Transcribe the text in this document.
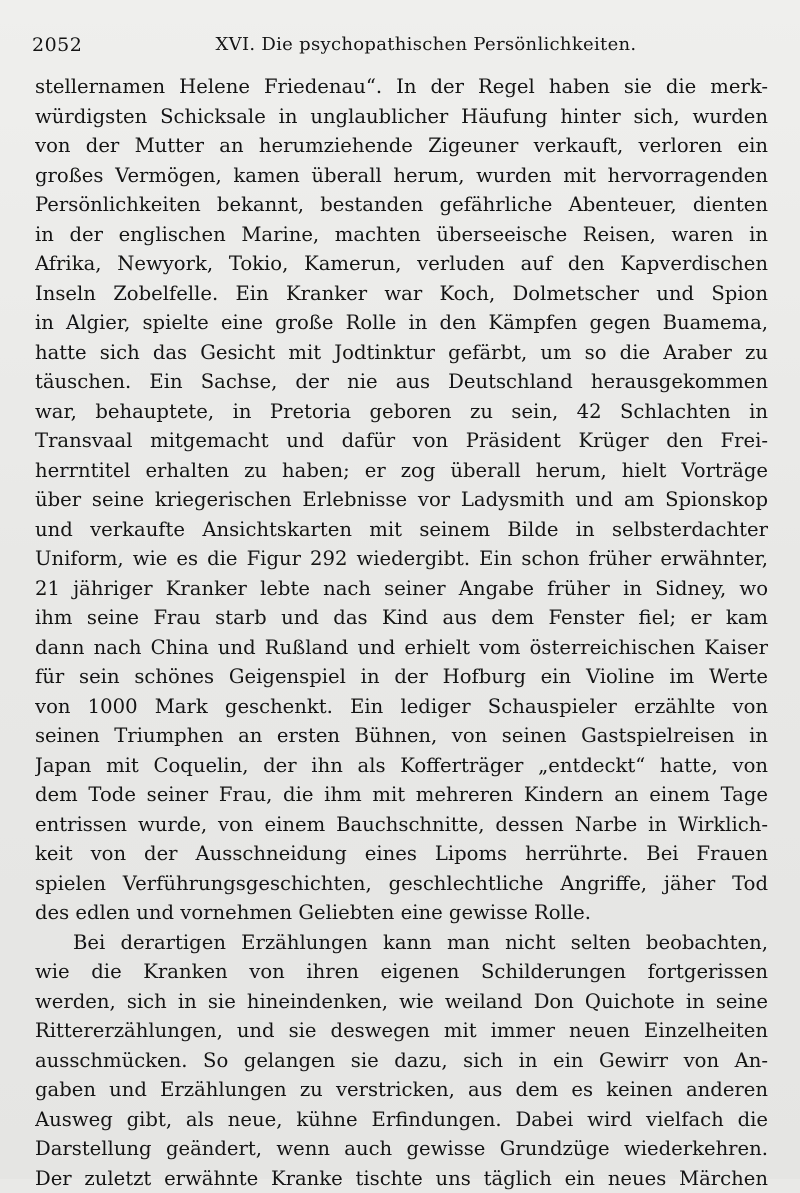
2052	XVI. Die psychopathischen Persönlichkeiten.
stellernamen Helene Friedenau“. In der Regel haben sie die merk-
würdigsten Schicksale in unglaublicher Häufung hinter sich, wurden
von der Mutter an herumziehende Zigeuner verkauft, verloren ein
großes Vermögen, kamen überall herum, wurden mit hervorragenden
Persönlichkeiten bekannt, bestanden gefährliche Abenteuer, dienten
in der englischen Marine, machten überseeische Reisen, waren in
Afrika, Newyork, Tokio, Kamerun, verluden auf den Kapverdischen
Inseln Zobelfelle. Ein Kranker war Koch, Dolmetscher und Spion
in Algier, spielte eine große Rolle in den Kämpfen gegen Buamema,
hatte sich das Gesicht mit Jodtinktur gefärbt, um so die Araber zu
täuschen. Ein Sachse, der nie aus Deutschland herausgekommen
war, behauptete, in Pretoria geboren zu sein, 42 Schlachten in
Transvaal mitgemacht und dafür von Präsident Krüger den Frei-
herrntitel erhalten zu haben; er zog überall herum, hielt Vorträge
über seine kriegerischen Erlebnisse vor Ladysmith und am Spionskop
und verkaufte Ansichtskarten mit seinem Bilde in selbsterdachter
Uniform, wie es die Figur 292 wiedergibt. Ein schon früher erwähnter,
21 jähriger Kranker lebte nach seiner Angabe früher in Sidney, wo
ihm seine Frau starb und das Kind aus dem Fenster fiel; er kam
dann nach China und Rußland und erhielt vom österreichischen Kaiser
für sein schönes Geigenspiel in der Hofburg ein Violine im Werte
von 1000 Mark geschenkt. Ein lediger Schauspieler erzählte von
seinen Triumphen an ersten Bühnen, von seinen Gastspielreisen in
Japan mit Coquelin, der ihn als Kofferträger „entdeckt“ hatte, von
dem Tode seiner Frau, die ihm mit mehreren Kindern an einem Tage
entrissen wurde, von einem Bauchschnitte, dessen Narbe in Wirklich-
keit von der Ausschneidung eines Lipoms herrührte. Bei Frauen
spielen Verführungsgeschichten, geschlechtliche Angriffe, jäher Tod
des edlen und vornehmen Geliebten eine gewisse Rolle.
Bei derartigen Erzählungen kann man nicht selten beobachten,
wie die Kranken von ihren eigenen Schilderungen fortgerissen
werden, sich in sie hineindenken, wie weiland Don Quichote in seine
Rittererzählungen, und sie deswegen mit immer neuen Einzelheiten
ausschmücken. So gelangen sie dazu, sich in ein Gewirr von An-
gaben und Erzählungen zu verstricken, aus dem es keinen anderen
Ausweg gibt, als neue, kühne Erfindungen. Dabei wird vielfach die
Darstellung geändert, wenn auch gewisse Grundzüge wiederkehren.
Der zuletzt erwähnte Kranke tischte uns täglich ein neues Märchen
